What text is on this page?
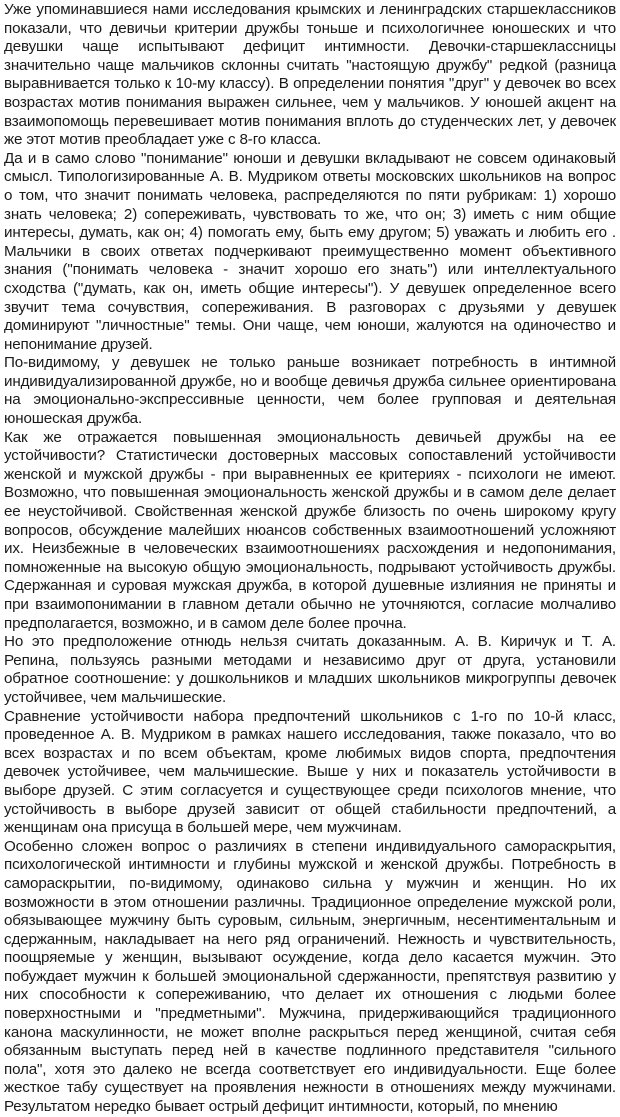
Уже упоминавшиеся нами исследования крымских и ленинградских старшеклассников показали, что девичьи критерии дружбы тоньше и психологичнее юношеских и что девушки чаще испытывают дефицит интимности. Девочки-старшеклассницы значительно чаще мальчиков склонны считать "настоящую дружбу" редкой (разница выравнивается только к 10-му классу). В определении понятия "друг" у девочек во всех возрастах мотив понимания выражен сильнее, чем у мальчиков. У юношей акцент на взаимопомощь перевешивает мотив понимания вплоть до студенческих лет, у девочек же этот мотив преобладает уже с 8-го класса.

Да и в само слово "понимание" юноши и девушки вкладывают не совсем одинаковый смысл. Типологизированные А. В. Мудриком ответы московских школьников на вопрос о том, что значит понимать человека, распределяются по пяти рубрикам: 1) хорошо знать человека; 2) сопереживать, чувствовать то же, что он; 3) иметь с ним общие интересы, думать, как он; 4) помогать ему, быть ему другом; 5) уважать и любить его . Мальчики в своих ответах подчеркивают преимущественно момент объективного знания ("понимать человека - значит хорошо его знать") или интеллектуального сходства ("думать, как он, иметь общие интересы"). У девушек определенное всего звучит тема сочувствия, сопереживания. В разговорах с друзьями у девушек доминируют "личностные" темы. Они чаще, чем юноши, жалуются на одиночество и непонимание друзей.

По-видимому, у девушек не только раньше возникает потребность в интимной индивидуализированной дружбе, но и вообще девичья дружба сильнее ориентирована на эмоционально-экспрессивные ценности, чем более групповая и деятельная юношеская дружба.

Как же отражается повышенная эмоциональность девичьей дружбы на ее устойчивости? Статистически достоверных массовых сопоставлений устойчивости женской и мужской дружбы - при выравненных ее критериях - психологи не имеют. Возможно, что повышенная эмоциональность женской дружбы и в самом деле делает ее неустойчивой. Свойственная женской дружбе близость по очень широкому кругу вопросов, обсуждение малейших нюансов собственных взаимоотношений усложняют их. Неизбежные в человеческих взаимоотношениях расхождения и недопонимания, помноженные на высокую общую эмоциональность, подрывают устойчивость дружбы. Сдержанная и суровая мужская дружба, в которой душевные излияния не приняты и при взаимопонимании в главном детали обычно не уточняются, согласие молчаливо предполагается, возможно, и в самом деле более прочна.

Но это предположение отнюдь нельзя считать доказанным. А. В. Киричук и Т. А. Репина, пользуясь разными методами и независимо друг от друга, установили обратное соотношение: у дошкольников и младших школьников микрогруппы девочек устойчивее, чем мальчишеские.

Сравнение устойчивости набора предпочтений школьников с 1-го по 10-й класс, проведенное А. В. Мудриком в рамках нашего исследования, также показало, что во всех возрастах и по всем объектам, кроме любимых видов спорта, предпочтения девочек устойчивее, чем мальчишеские. Выше у них и показатель устойчивости в выборе друзей. С этим согласуется и существующее среди психологов мнение, что устойчивость в выборе друзей зависит от общей стабильности предпочтений, а женщинам она присуща в большей мере, чем мужчинам.

Особенно сложен вопрос о различиях в степени индивидуального самораскрытия, психологической интимности и глубины мужской и женской дружбы. Потребность в самораскрытии, по-видимому, одинаково сильна у мужчин и женщин. Но их возможности в этом отношении различны. Традиционное определение мужской роли, обязывающее мужчину быть суровым, сильным, энергичным, несентиментальным и сдержанным, накладывает на него ряд ограничений. Нежность и чувствительность, поощряемые у женщин, вызывают осуждение, когда дело касается мужчин. Это побуждает мужчин к большей эмоциональной сдержанности, препятствуя развитию у них способности к сопереживанию, что делает их отношения с людьми более поверхностными и "предметными". Мужчина, придерживающийся традиционного канона маскулинности, не может вполне раскрыться перед женщиной, считая себя обязанным выступать перед ней в качестве подлинного представителя "сильного пола", хотя это далеко не всегда соответствует его индивидуальности. Еще более жесткое табу существует на проявления нежности в отношениях между мужчинами. Результатом нередко бывает острый дефицит интимности, который, по мнению
